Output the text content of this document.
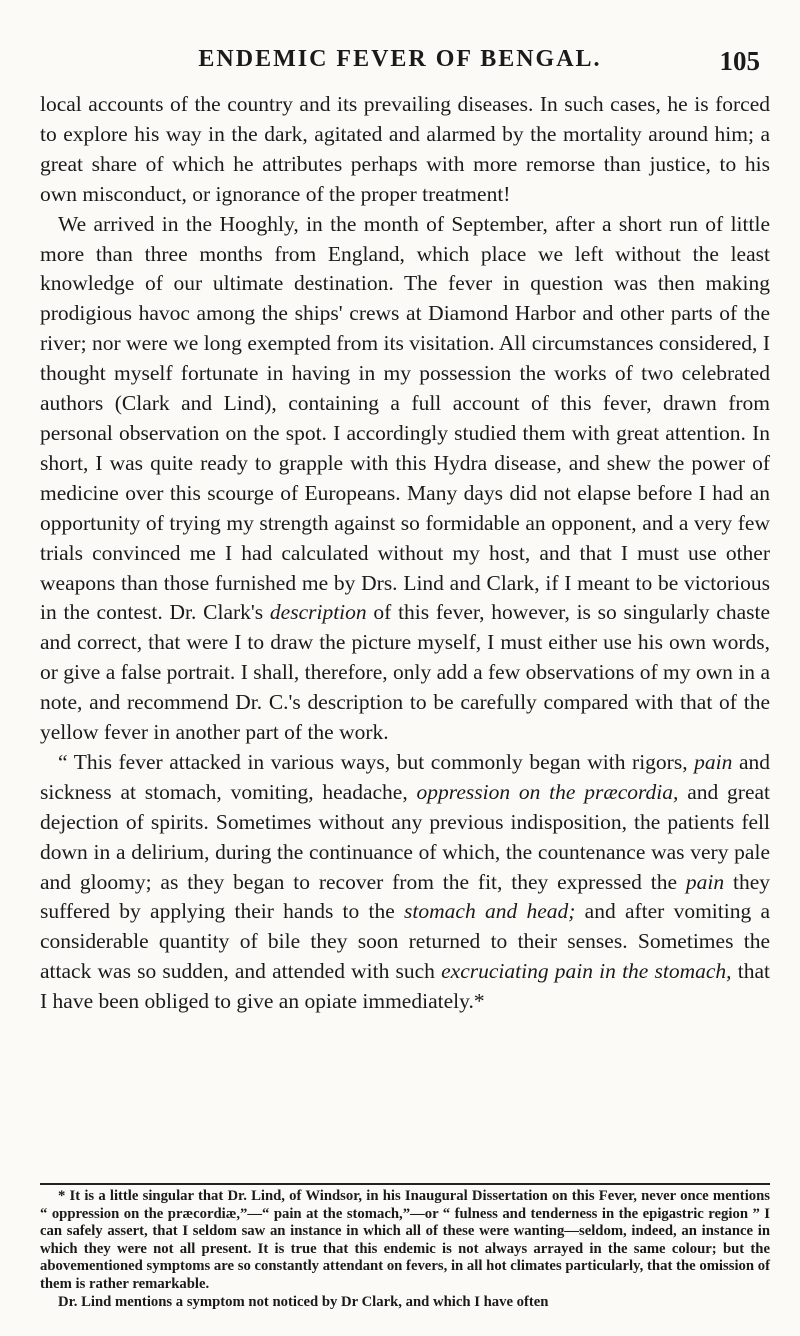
ENDEMIC FEVER OF BENGAL.	105

local accounts of the country and its prevailing diseases. In such cases, he is forced to explore his way in the dark, agitated and alarmed by the mortality around him; a great share of which he attributes perhaps with more remorse than justice, to his own misconduct, or ignorance of the proper treatment!

We arrived in the Hooghly, in the month of September, after a short run of little more than three months from England, which place we left without the least knowledge of our ultimate destination. The fever in question was then making prodigious havoc among the ships' crews at Diamond Harbor and other parts of the river; nor were we long exempted from its visitation. All circumstances considered, I thought myself fortunate in having in my possession the works of two celebrated authors (Clark and Lind), containing a full account of this fever, drawn from personal observation on the spot. I accordingly studied them with great attention. In short, I was quite ready to grapple with this Hydra disease, and shew the power of medicine over this scourge of Europeans. Many days did not elapse before I had an opportunity of trying my strength against so formidable an opponent, and a very few trials convinced me I had calculated without my host, and that I must use other weapons than those furnished me by Drs. Lind and Clark, if I meant to be victorious in the contest. Dr. Clark's description of this fever, however, is so singularly chaste and correct, that were I to draw the picture myself, I must either use his own words, or give a false portrait. I shall, therefore, only add a few observations of my own in a note, and recommend Dr. C.'s description to be carefully compared with that of the yellow fever in another part of the work.

“ This fever attacked in various ways, but commonly began with rigors, pain and sickness at stomach, vomiting, headache, oppression on the præcordia, and great dejection of spirits. Sometimes without any previous indisposition, the patients fell down in a delirium, during the continuance of which, the countenance was very pale and gloomy; as they began to recover from the fit, they expressed the pain they suffered by applying their hands to the stomach and head; and after vomiting a considerable quantity of bile they soon returned to their senses. Sometimes the attack was so sudden, and attended with such excruciating pain in the stomach, that I have been obliged to give an opiate immediately.*

* It is a little singular that Dr. Lind, of Windsor, in his Inaugural Dissertation on this Fever, never once mentions “ oppression on the præcordiæ,”—“ pain at the stomach,”—or “ fulness and tenderness in the epigastric region ” I can safely assert, that I seldom saw an instance in which all of these were wanting—seldom, indeed, an instance in which they were not all present. It is true that this endemic is not always arrayed in the same colour; but the abovementioned symptoms are so constantly attendant on fevers, in all hot climates particularly, that the omission of them is rather remarkable.

Dr. Lind mentions a symptom not noticed by Dr Clark, and which I have often
